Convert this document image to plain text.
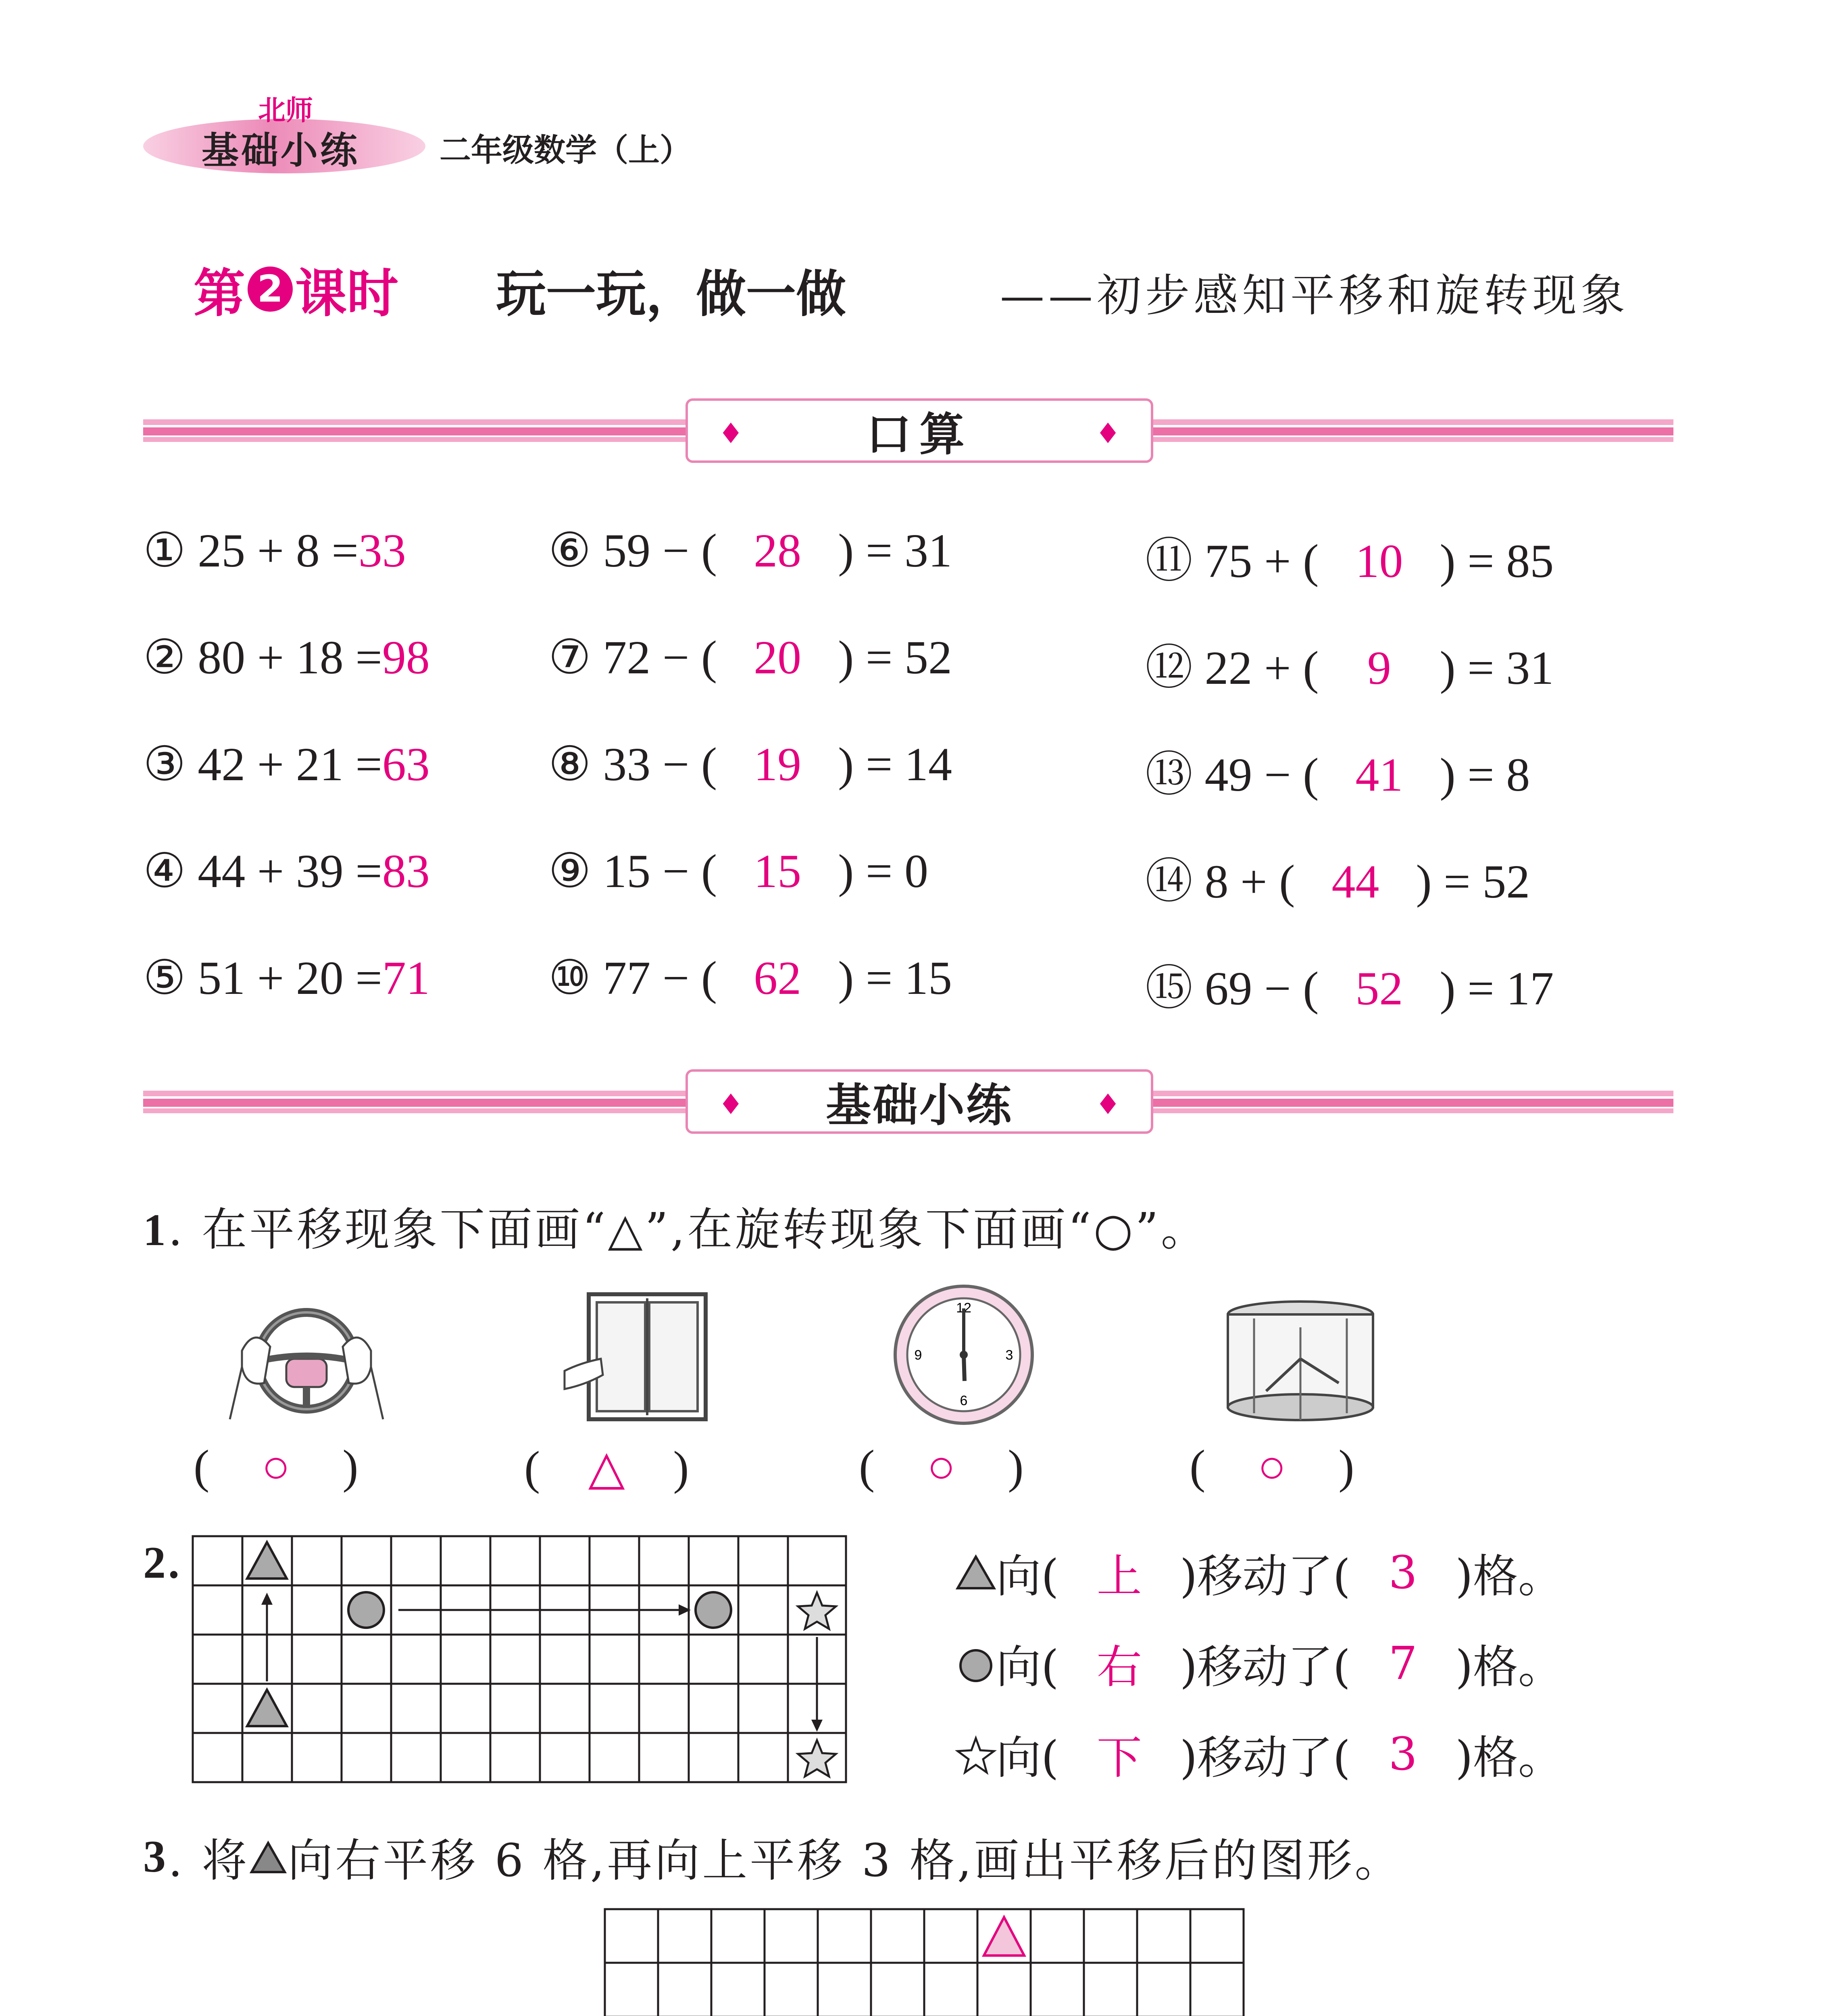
北师
基础小练	二年级数学（上）
第 2 课时 玩一玩，做一做	——初步感知平移和旋转现象
♦	口算	♦
① 25 + 8 =33
② 80 + 18 =98
③ 42 + 21 =63
④ 44 + 39 =83
⑤ 51 + 20 =71
⑥ 59 − ( 28 ) = 31
⑦ 72 − ( 20 ) = 52
⑧ 33 − ( 19 ) = 14
⑨ 15 − ( 15 ) = 0
⑩ 77 − ( 62 ) = 15
⑪ 75 + ( 10 ) = 85
⑫ 22 + ( 9 ) = 31
⑬ 49 − ( 41 ) = 8
⑭ 8 + ( 44 ) = 52
⑮ 69 − ( 52 ) = 17
♦ 基础小练	♦
1. 在平移现象下面画“△”,在旋转现象下面画“○”。
12
3
6
9
( ○ )	( △ )	( ○ )	( ○ )
2.	向( 上 )移动了( 3 )格。
向( 右 )移动了( 7 )格。
向( 下 )移动了( 3 )格。
3 . 将 向右平移 6 格,再向上平移 3 格,画出平移后的图形。
